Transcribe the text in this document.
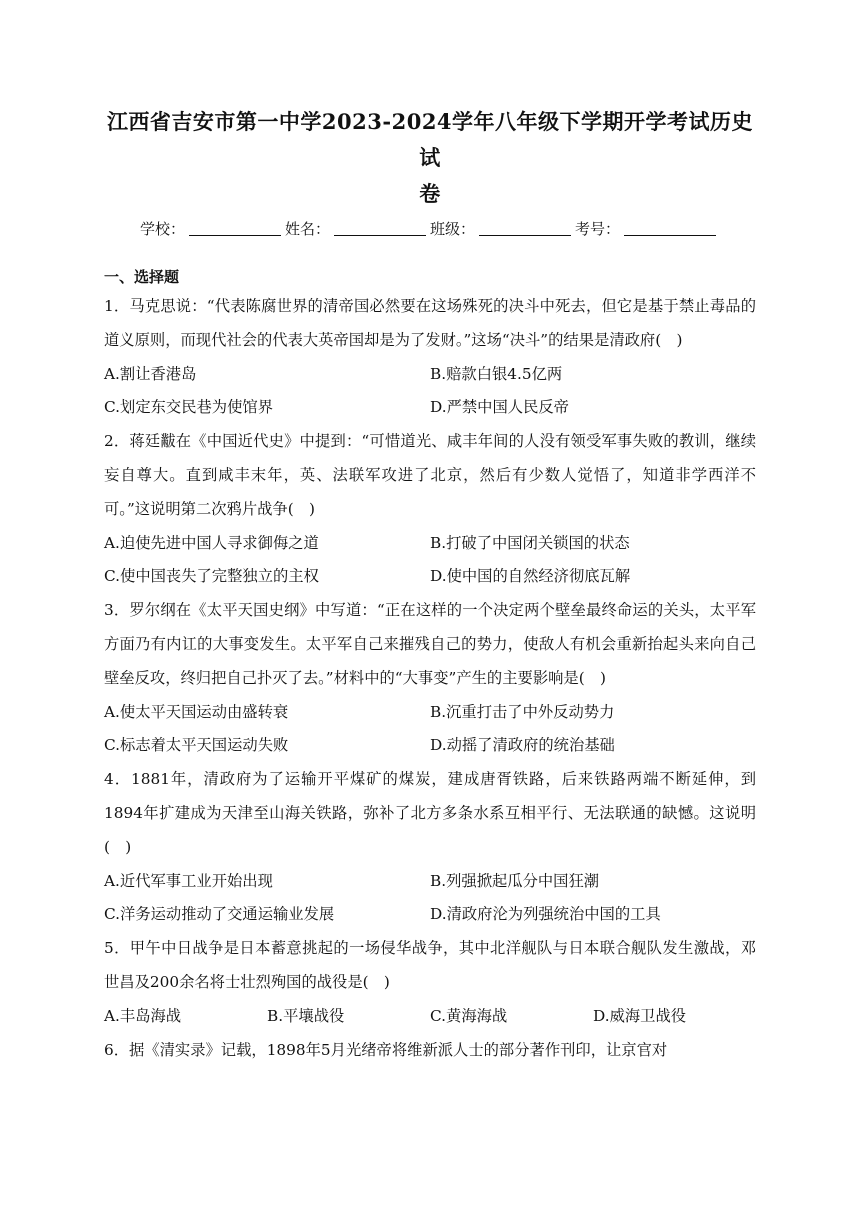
江西省吉安市第一中学2023-2024学年八年级下学期开学考试历史试
卷
学校：	姓名：	班级：	考号：
一、选择题
1．马克思说：“代表陈腐世界的清帝国必然要在这场殊死的决斗中死去，但它是基于禁止毒品的道义原则，而现代社会的代表大英帝国却是为了发财。”这场“决斗”的结果是清政府(　)
A.割让香港岛	B.赔款白银4.5亿两
C.划定东交民巷为使馆界	D.严禁中国人民反帝
2．蒋廷黻在《中国近代史》中提到：“可惜道光、咸丰年间的人没有领受军事失败的教训，继续妄自尊大。直到咸丰末年，英、法联军攻进了北京，然后有少数人觉悟了，知道非学西洋不可。”这说明第二次鸦片战争(　)
A.迫使先进中国人寻求御侮之道	B.打破了中国闭关锁国的状态
C.使中国丧失了完整独立的主权	D.使中国的自然经济彻底瓦解
3．罗尔纲在《太平天国史纲》中写道：“正在这样的一个决定两个壁垒最终命运的关头，太平军方面乃有内讧的大事变发生。太平军自己来摧残自己的势力，使敌人有机会重新抬起头来向自己壁垒反攻，终归把自己扑灭了去。”材料中的“大事变”产生的主要影响是(　)
A.使太平天国运动由盛转衰	B.沉重打击了中外反动势力
C.标志着太平天国运动失败	D.动摇了清政府的统治基础
4．1881年，清政府为了运输开平煤矿的煤炭，建成唐胥铁路，后来铁路两端不断延伸，到1894年扩建成为天津至山海关铁路，弥补了北方多条水系互相平行、无法联通的缺憾。这说明(　)
A.近代军事工业开始出现	B.列强掀起瓜分中国狂潮
C.洋务运动推动了交通运输业发展	D.清政府沦为列强统治中国的工具
5．甲午中日战争是日本蓄意挑起的一场侵华战争，其中北洋舰队与日本联合舰队发生激战，邓世昌及200余名将士壮烈殉国的战役是(　)
A.丰岛海战	B.平壤战役	C.黄海海战	D.威海卫战役
6．据《清实录》记载，1898年5月光绪帝将维新派人士的部分著作刊印，让京官对
